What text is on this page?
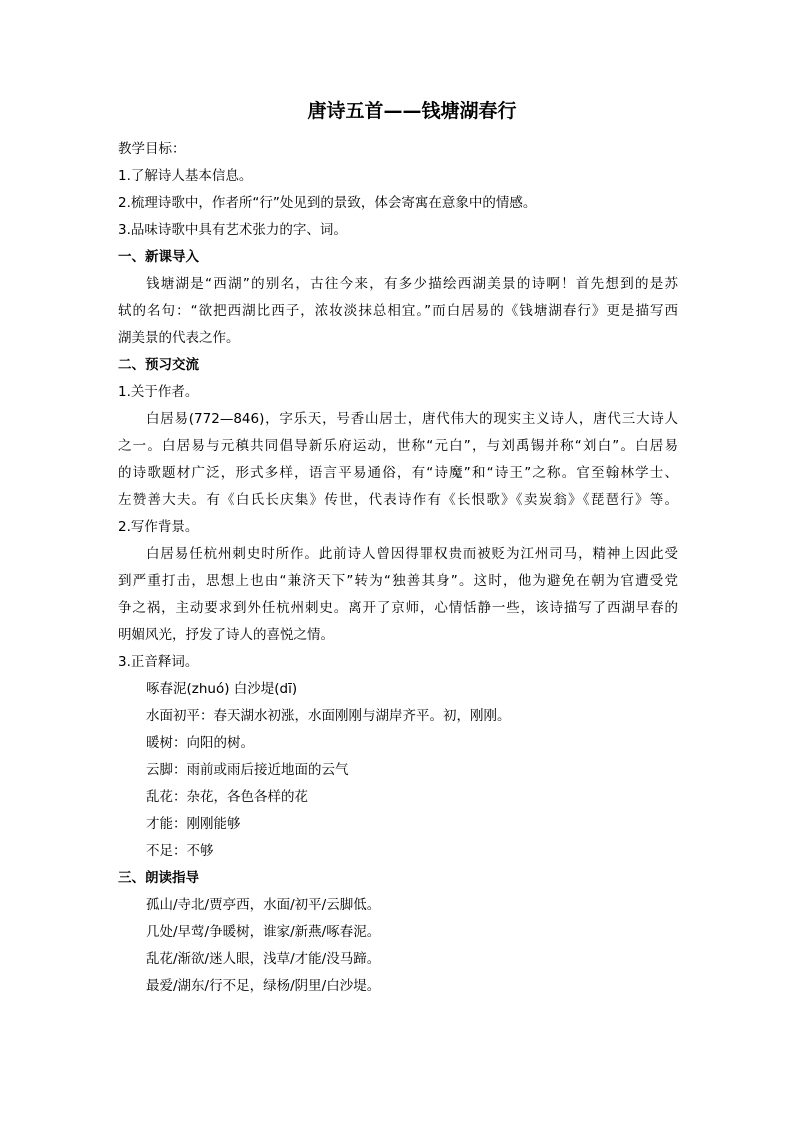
唐诗五首——钱塘湖春行
教学目标：
1.了解诗人基本信息。
2.梳理诗歌中，作者所“行”处见到的景致，体会寄寓在意象中的情感。
3.品味诗歌中具有艺术张力的字、词。
一、新课导入
钱塘湖是“西湖”的别名，古往今来，有多少描绘西湖美景的诗啊！首先想到的是苏
轼的名句：“欲把西湖比西子，浓妆淡抹总相宜。”而白居易的《钱塘湖春行》更是描写西
湖美景的代表之作。
二、预习交流
1.关于作者。
白居易(772—846)，字乐天，号香山居士，唐代伟大的现实主义诗人，唐代三大诗人
之一。白居易与元稹共同倡导新乐府运动，世称“元白”，与刘禹锡并称“刘白”。白居易
的诗歌题材广泛，形式多样，语言平易通俗，有“诗魔”和“诗王”之称。官至翰林学士、
左赞善大夫。有《白氏长庆集》传世，代表诗作有《长恨歌》《卖炭翁》《琵琶行》等。
2.写作背景。
白居易任杭州刺史时所作。此前诗人曾因得罪权贵而被贬为江州司马，精神上因此受
到严重打击，思想上也由“兼济天下”转为“独善其身”。这时，他为避免在朝为官遭受党
争之祸，主动要求到外任杭州刺史。离开了京师，心情恬静一些，该诗描写了西湖早春的
明媚风光，抒发了诗人的喜悦之情。
3.正音释词。
啄春泥(zhuó) 白沙堤(dī)
水面初平：春天湖水初涨，水面刚刚与湖岸齐平。初，刚刚。
暖树：向阳的树。
云脚：雨前或雨后接近地面的云气
乱花：杂花，各色各样的花
才能：刚刚能够
不足：不够
三、朗读指导
孤山/寺北/贾亭西，水面/初平/云脚低。
几处/早莺/争暖树，谁家/新燕/啄春泥。
乱花/渐欲/迷人眼，浅草/才能/没马蹄。
最爱/湖东/行不足，绿杨/阴里/白沙堤。
